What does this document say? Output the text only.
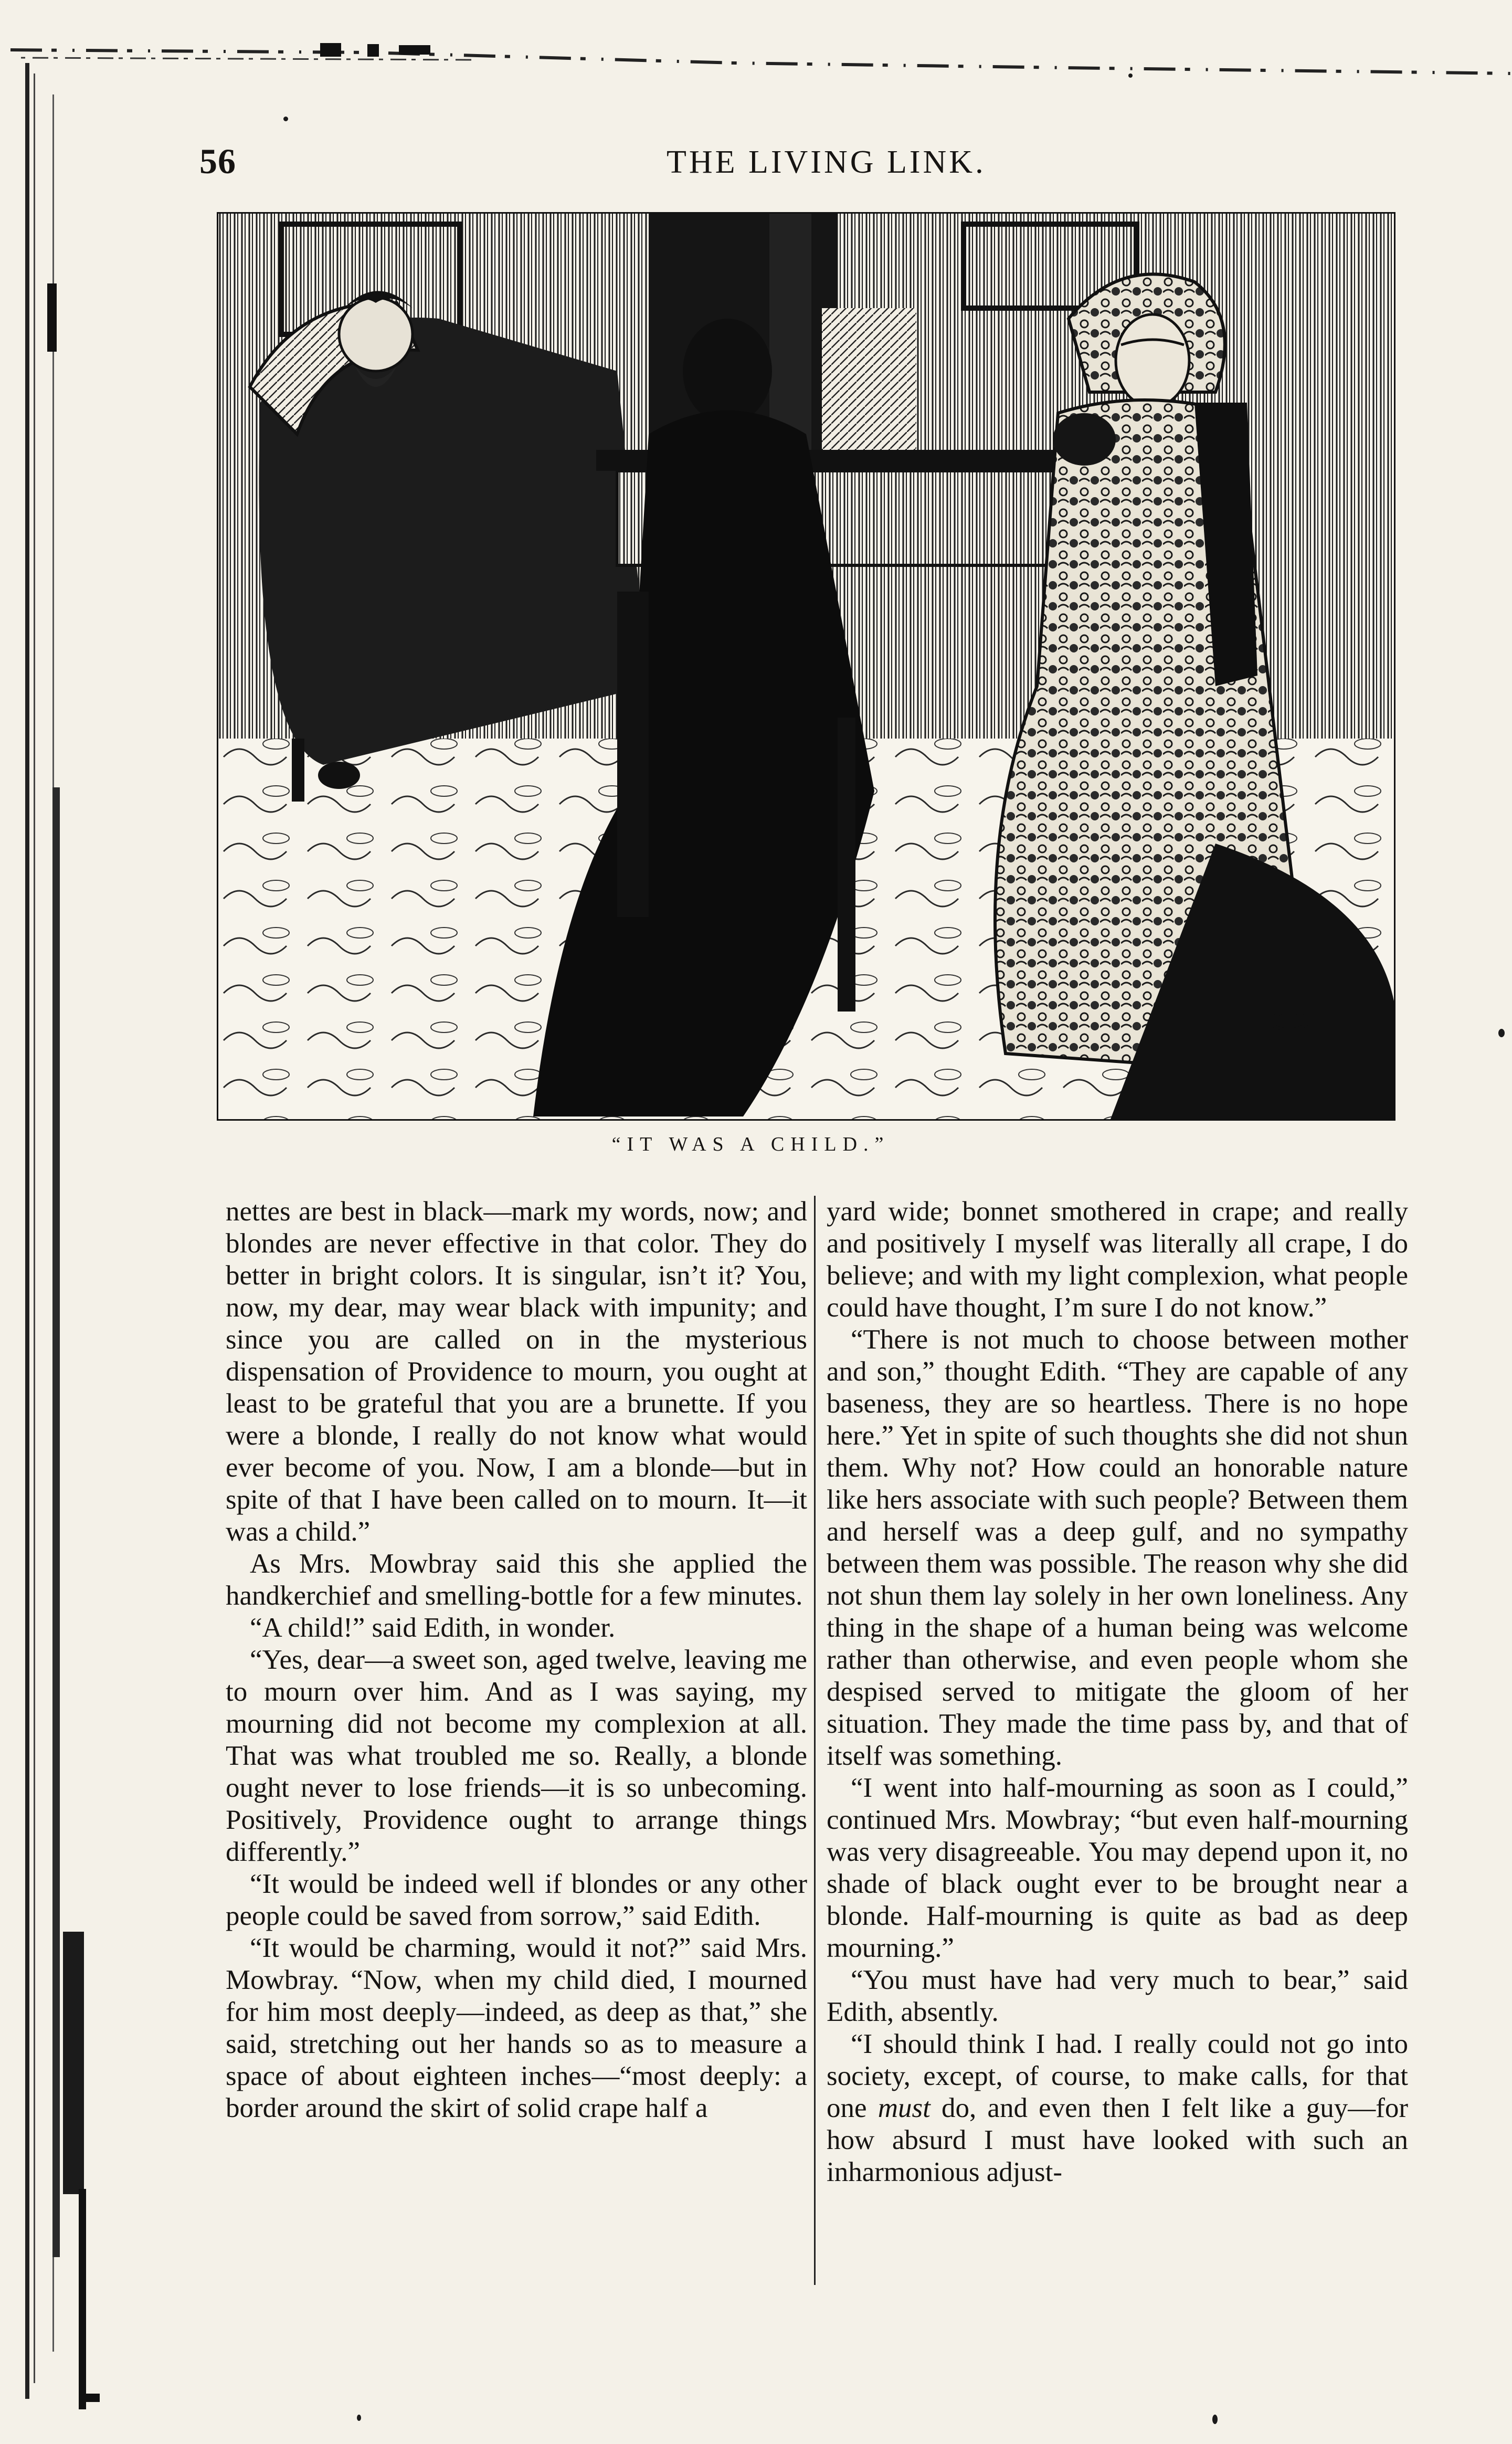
56	THE LIVING LINK.
“IT WAS A CHILD.”

nettes are best in black—mark my words, now; and blondes are never effective in that color. They do better in bright colors. It is singular, isn’t it? You, now, my dear, may wear black with impunity; and since you are called on in the mysterious dispensation of Providence to mourn, you ought at least to be grateful that you are a brunette. If you were a blonde, I really do not know what would ever become of you. Now, I am a blonde—but in spite of that I have been called on to mourn. It—it was a child.”

As Mrs. Mowbray said this she applied the handkerchief and smelling-bottle for a few minutes.

“A child!” said Edith, in wonder.

“Yes, dear—a sweet son, aged twelve, leaving me to mourn over him. And as I was saying, my mourning did not become my complexion at all. That was what troubled me so. Really, a blonde ought never to lose friends—it is so unbecoming. Positively, Providence ought to arrange things differently.”

“It would be indeed well if blondes or any other people could be saved from sorrow,” said Edith.

“It would be charming, would it not?” said Mrs. Mowbray. “Now, when my child died, I mourned for him most deeply—indeed, as deep as that,” she said, stretching out her hands so as to measure a space of about eighteen inches—“most deeply: a border around the skirt of solid crape half a

yard wide; bonnet smothered in crape; and really and positively I myself was literally all crape, I do believe; and with my light complexion, what people could have thought, I’m sure I do not know.”

“There is not much to choose between mother and son,” thought Edith. “They are capable of any baseness, they are so heartless. There is no hope here.” Yet in spite of such thoughts she did not shun them. Why not? How could an honorable nature like hers associate with such people? Between them and herself was a deep gulf, and no sympathy between them was possible. The reason why she did not shun them lay solely in her own loneliness. Any thing in the shape of a human being was welcome rather than otherwise, and even people whom she despised served to mitigate the gloom of her situation. They made the time pass by, and that of itself was something.

“I went into half-mourning as soon as I could,” continued Mrs. Mowbray; “but even half-mourning was very disagreeable. You may depend upon it, no shade of black ought ever to be brought near a blonde. Half-mourning is quite as bad as deep mourning.”

“You must have had very much to bear,” said Edith, absently.

“I should think I had. I really could not go into society, except, of course, to make calls, for that one must do, and even then I felt like a guy—for how absurd I must have looked with such an inharmonious adjust-
